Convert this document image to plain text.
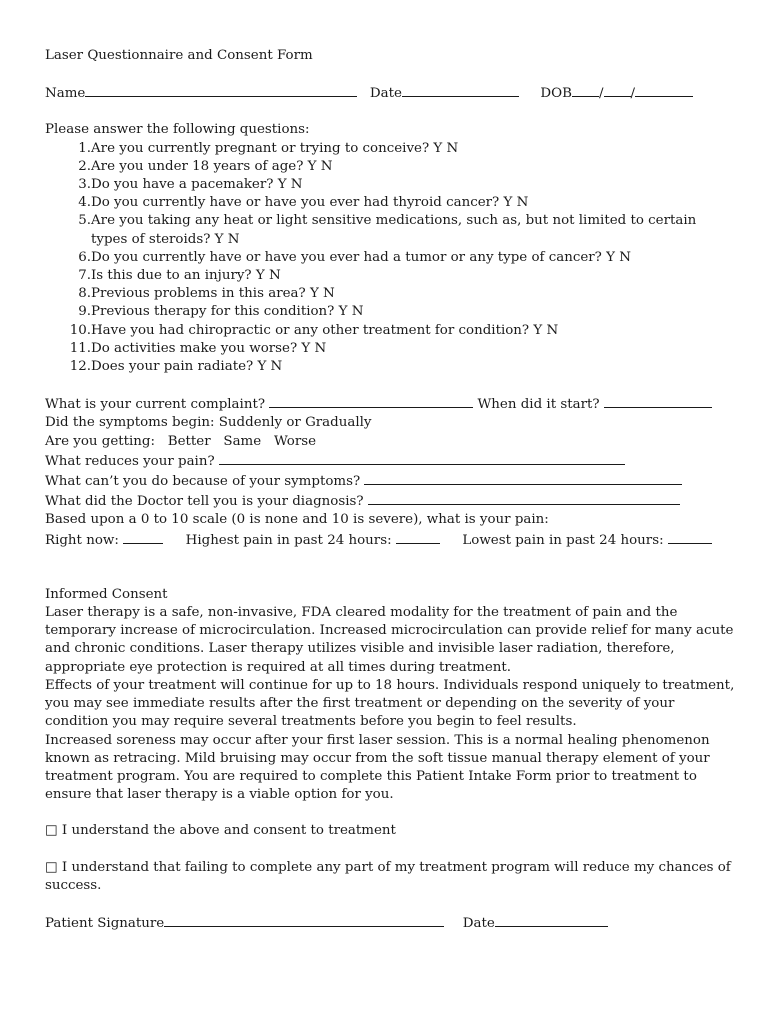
Laser Questionnaire and Consent Form
Name	Date	DOB / /
Please answer the following questions:
1. Are you currently pregnant or trying to conceive? Y N
2. Are you under 18 years of age? Y N
3. Do you have a pacemaker? Y N
4. Do you currently have or have you ever had thyroid cancer? Y N
5. Are you taking any heat or light sensitive medications, such as, but not limited to certain types of steroids? Y N
6. Do you currently have or have you ever had a tumor or any type of cancer? Y N
7. Is this due to an injury? Y N
8. Previous problems in this area? Y N
9. Previous therapy for this condition? Y N
10. Have you had chiropractic or any other treatment for condition? Y N
11. Do activities make you worse? Y N
12. Does your pain radiate? Y N
What is your current complaint?	When did it start?
Did the symptoms begin: Suddenly or Gradually
Are you getting:   Better   Same   Worse
What reduces your pain?
What can’t you do because of your symptoms?
What did the Doctor tell you is your diagnosis?
Based upon a 0 to 10 scale (0 is none and 10 is severe), what is your pain:
Right now:	Highest pain in past 24 hours:	Lowest pain in past 24 hours:
Informed Consent

Laser therapy is a safe, non-invasive, FDA cleared modality for the treatment of pain and the temporary increase of microcirculation. Increased microcirculation can provide relief for many acute and chronic conditions. Laser therapy utilizes visible and invisible laser radiation, therefore, appropriate eye protection is required at all times during treatment.

Effects of your treatment will continue for up to 18 hours. Individuals respond uniquely to treatment, you may see immediate results after the first treatment or depending on the severity of your condition you may require several treatments before you begin to feel results.

Increased soreness may occur after your first laser session. This is a normal healing phenomenon known as retracing. Mild bruising may occur from the soft tissue manual therapy element of your treatment program. You are required to complete this Patient Intake Form prior to treatment to ensure that laser therapy is a viable option for you.

□ I understand the above and consent to treatment

□ I understand that failing to complete any part of my treatment program will reduce my chances of success.

Patient Signature	Date
